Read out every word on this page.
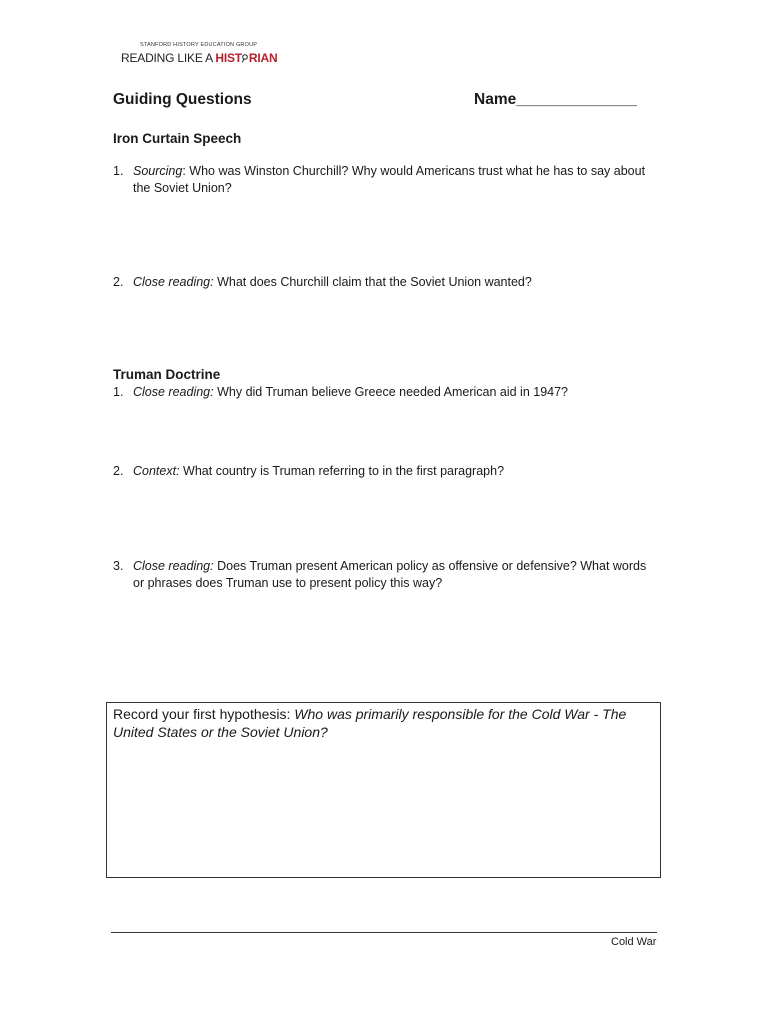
STANFORD HISTORY EDUCATION GROUP
READING LIKE A HIST RIAN
Guiding Questions	Name______________
Iron Curtain Speech
1. Sourcing: Who was Winston Churchill? Why would Americans trust what he has to say about the Soviet Union?
2. Close reading: What does Churchill claim that the Soviet Union wanted?
Truman Doctrine
1. Close reading: Why did Truman believe Greece needed American aid in 1947?
2. Context: What country is Truman referring to in the first paragraph?
3. Close reading: Does Truman present American policy as offensive or defensive? What words or phrases does Truman use to present policy this way?
Record your first hypothesis: Who was primarily responsible for the Cold War - The United States or the Soviet Union?
Cold War
